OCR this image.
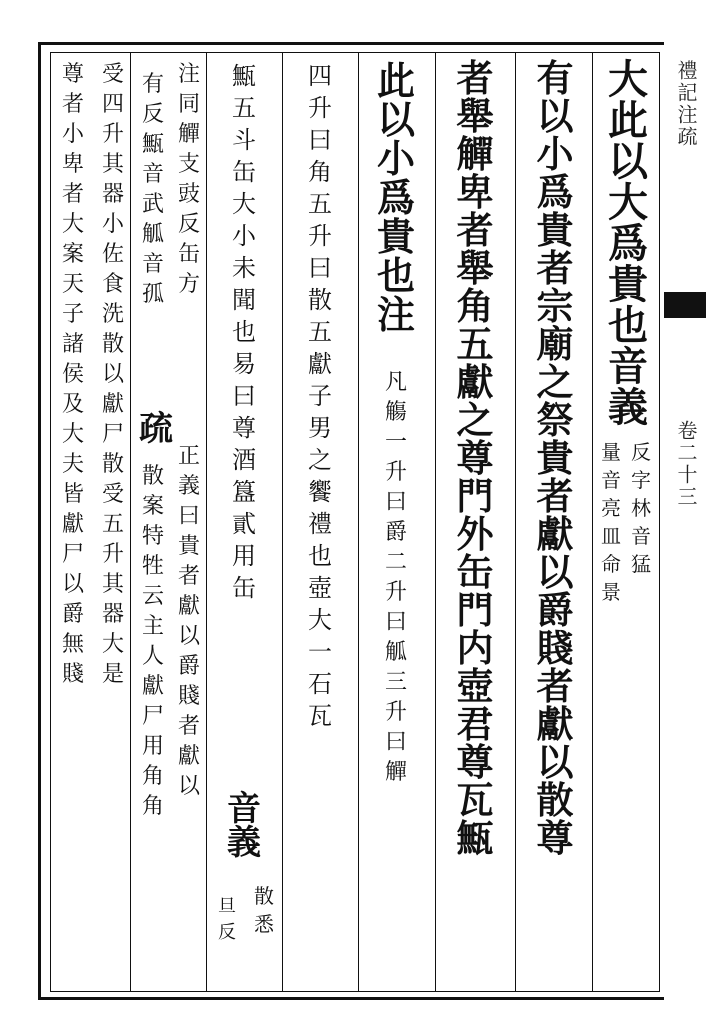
大
此
以
大
爲
貴
也
音
義
量
音
亮
皿
命
景
反
字
林
音
猛
有
以
小
爲
貴
者
宗
廟
之
祭
貴
者
獻
以
爵
賤
者
獻
以
散
尊
者
舉
觶
卑
者
舉
角
五
獻
之
尊
門
外
缶
門
内
壺
君
尊
瓦
甒
此
以
小
爲
貴
也
注
凡
觴
一
升
曰
爵
二
升
曰
觚
三
升
曰
觶
四
升
曰
角
五
升
曰
散
五
獻
子
男
之
饗
禮
也
壺
大
一
石
瓦
甒
五
斗
缶
大
小
未
聞
也
易
曰
尊
酒
簋
貳
用
缶
音
義
散
悉
注
同
觶
支
豉
反
缶
方
正
義
曰
貴
者
獻
以
爵
賤
者
獻
以
旦
反
有
反
甒
音
武
觚
音
孤
疏
散
案
特
牲
云
主
人
獻
尸
用
角
角
受
四
升
其
器
小
佐
食
洗
散
以
獻
尸
散
受
五
升
其
器
大
是
尊
者
小
卑
者
大
案
天
子
諸
侯
及
大
夫
皆
獻
尸
以
爵
無
賤
禮記注疏
卷二十三
